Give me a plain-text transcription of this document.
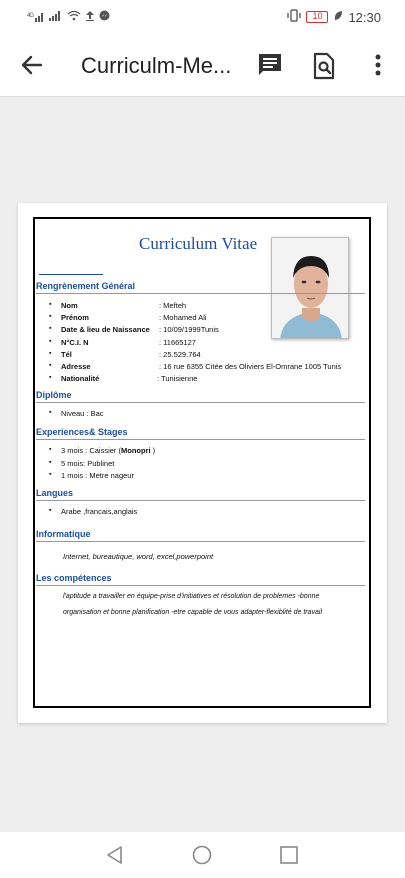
4G	10	12:30
Curriculm-Me...
Curriculum Vitae
Rengrènement Général
▪ Nom	: Mefteh
▪ Prénom	: Mohamed Ali
▪ Date & lieu de Naissance : 10/09/1999Tunis
▪ N°C.I. N	: 11665127
▪ Tél	: 25.529.764
▪ Adresse	: 16 rue 6355 Citée des Oliviers El-Omrane 1005 Tunis
▪ Nationalité	: Tunisienne
Diplôme
▪ Niveau : Bac
Experiences& Stages
▪ 3 mois : Caissier (Monopri )
▪ 5 mois: Publinet
▪ 1 mois : Metre nageur
Langues
▪ Arabe ,francais,anglais
Informatique
Internet, bureautique, word, excel,powerpoint
Les compétences
l'aptitude a travailler en équipe-prise d'initiatives et résolution de problemes -bonne
organisation et bonne planification -etre capable de vous adapter-flexiblité de travail
